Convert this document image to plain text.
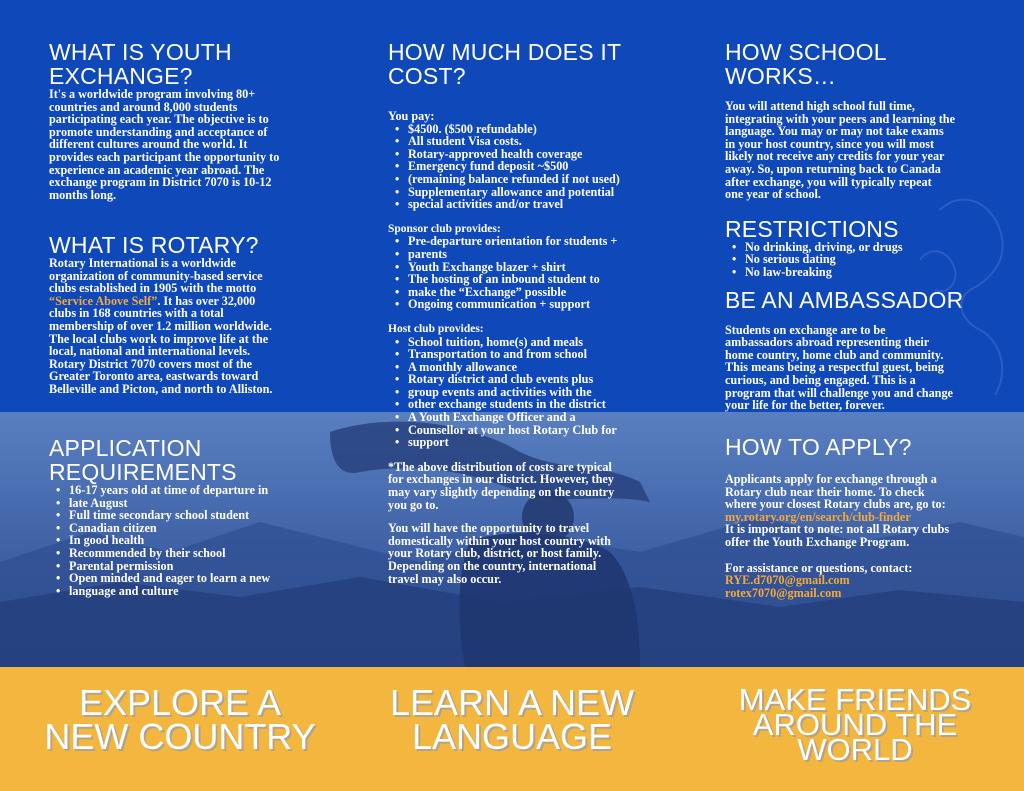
WHAT IS YOUTH
EXCHANGE?

It's a worldwide program involving 80+

countries and around 8,000 students

participating each year. The objective is to

promote understanding and acceptance of

different cultures around the world. It

provides each participant the opportunity to

experience an academic year abroad. The

exchange program in District 7070 is 10-12

months long.

WHAT IS ROTARY?

Rotary International is a worldwide

organization of community-based service

clubs established in 1905 with the motto

“Service Above Self”. It has over 32,000

clubs in 168 countries with a total

membership of over 1.2 million worldwide.

The local clubs work to improve life at the

local, national and international levels.

Rotary District 7070 covers most of the

Greater Toronto area, eastwards toward

Belleville and Picton, and north to Alliston.

APPLICATION
REQUIREMENTS

• 16-17 years old at time of departure in
• late August
• Full time secondary school student
• Canadian citizen
• In good health
• Recommended by their school
• Parental permission
• Open minded and eager to learn a new
• language and culture

HOW MUCH DOES IT
COST?

You pay:

• $4500. ($500 refundable)
• All student Visa costs.
• Rotary-approved health coverage
• Emergency fund deposit ~$500
• (remaining balance refunded if not used)
• Supplementary allowance and potential
• special activities and/or travel

Sponsor club provides:

• Pre-departure orientation for students +
• parents
• Youth Exchange blazer + shirt
• The hosting of an inbound student to
• make the “Exchange” possible
• Ongoing communication + support

Host club provides:

• School tuition, home(s) and meals
• Transportation to and from school
• A monthly allowance
• Rotary district and club events plus
• group events and activities with the
• other exchange students in the district
• A Youth Exchange Officer and a
• Counsellor at your host Rotary Club for
• support

*The above distribution of costs are typical

for exchanges in our district. However, they

may vary slightly depending on the country

you go to.

You will have the opportunity to travel

domestically within your host country with

your Rotary club, district, or host family.

Depending on the country, international

travel may also occur.

HOW SCHOOL
WORKS…

You will attend high school full time,

integrating with your peers and learning the

language. You may or may not take exams

in your host country, since you will most

likely not receive any credits for your year

away. So, upon returning back to Canada

after exchange, you will typically repeat

one year of school.

RESTRICTIONS

• No drinking, driving, or drugs
• No serious dating
• No law-breaking

BE AN AMBASSADOR

Students on exchange are to be

ambassadors abroad representing their

home country, home club and community.

This means being a respectful guest, being

curious, and being engaged. This is a

program that will challenge you and change

your life for the better, forever.

HOW TO APPLY?

Applicants apply for exchange through a

Rotary club near their home. To check

where your closest Rotary clubs are, go to:

my.rotary.org/en/search/club-finder

It is important to note: not all Rotary clubs

offer the Youth Exchange Program.

For assistance or questions, contact:

RYE.d7070@gmail.com

rotex7070@gmail.com

EXPLORE A
NEW COUNTRY
LEARN A NEW
LANGUAGE
MAKE FRIENDS
AROUND THE
WORLD
